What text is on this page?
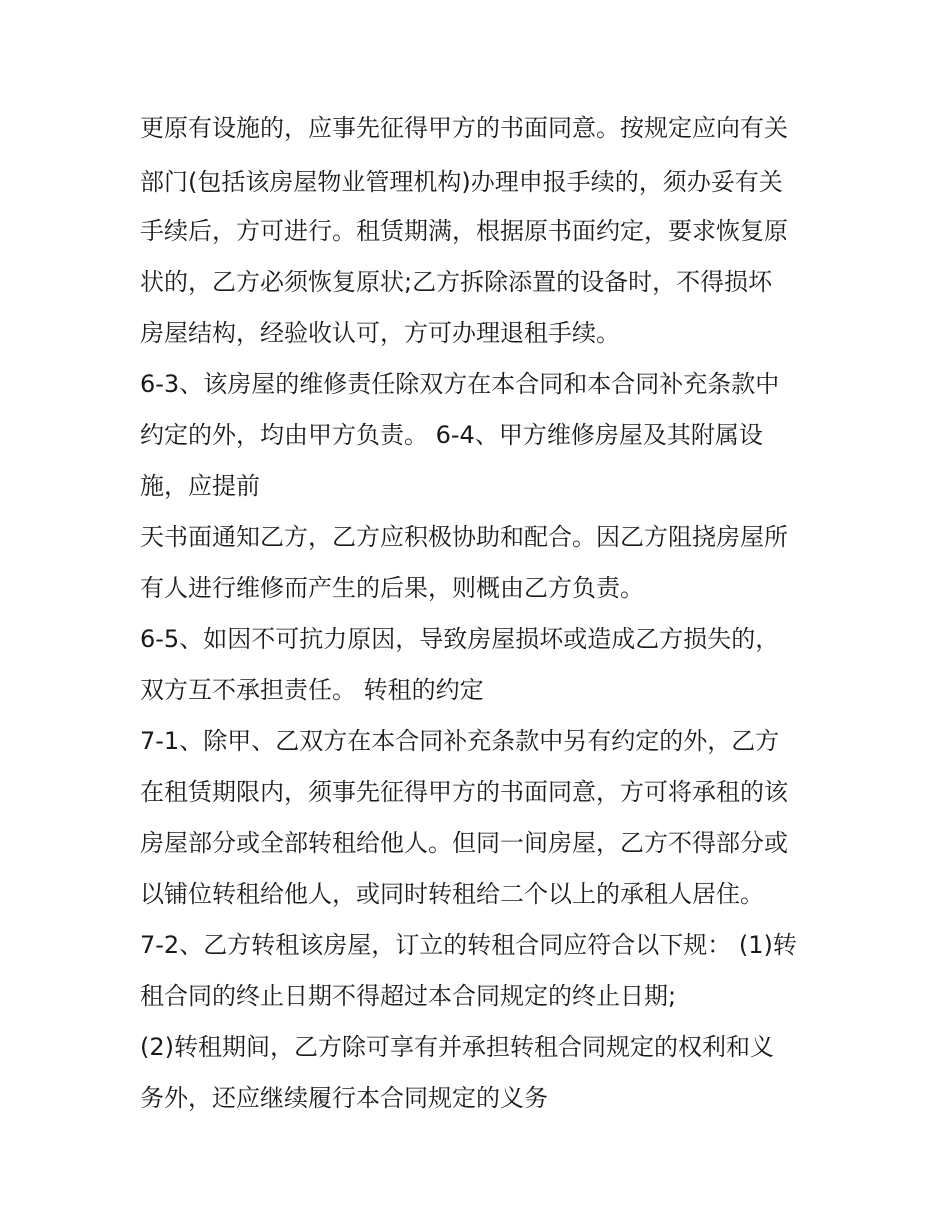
更原有设施的，应事先征得甲方的书面同意。按规定应向有关
部门(包括该房屋物业管理机构)办理申报手续的，须办妥有关
手续后，方可进行。租赁期满，根据原书面约定，要求恢复原
状的，乙方必须恢复原状;乙方拆除添置的设备时，不得损坏
房屋结构，经验收认可，方可办理退租手续。
6-3、该房屋的维修责任除双方在本合同和本合同补充条款中
约定的外，均由甲方负责。 6-4、甲方维修房屋及其附属设
施，应提前
天书面通知乙方，乙方应积极协助和配合。因乙方阻挠房屋所
有人进行维修而产生的后果，则概由乙方负责。
6-5、如因不可抗力原因，导致房屋损坏或造成乙方损失的，
双方互不承担责任。 转租的约定
7-1、除甲、乙双方在本合同补充条款中另有约定的外，乙方
在租赁期限内，须事先征得甲方的书面同意，方可将承租的该
房屋部分或全部转租给他人。但同一间房屋，乙方不得部分或
以铺位转租给他人，或同时转租给二个以上的承租人居住。
7-2、乙方转租该房屋，订立的转租合同应符合以下规： (1)转
租合同的终止日期不得超过本合同规定的终止日期;
(2)转租期间，乙方除可享有并承担转租合同规定的权利和义
务外，还应继续履行本合同规定的义务
